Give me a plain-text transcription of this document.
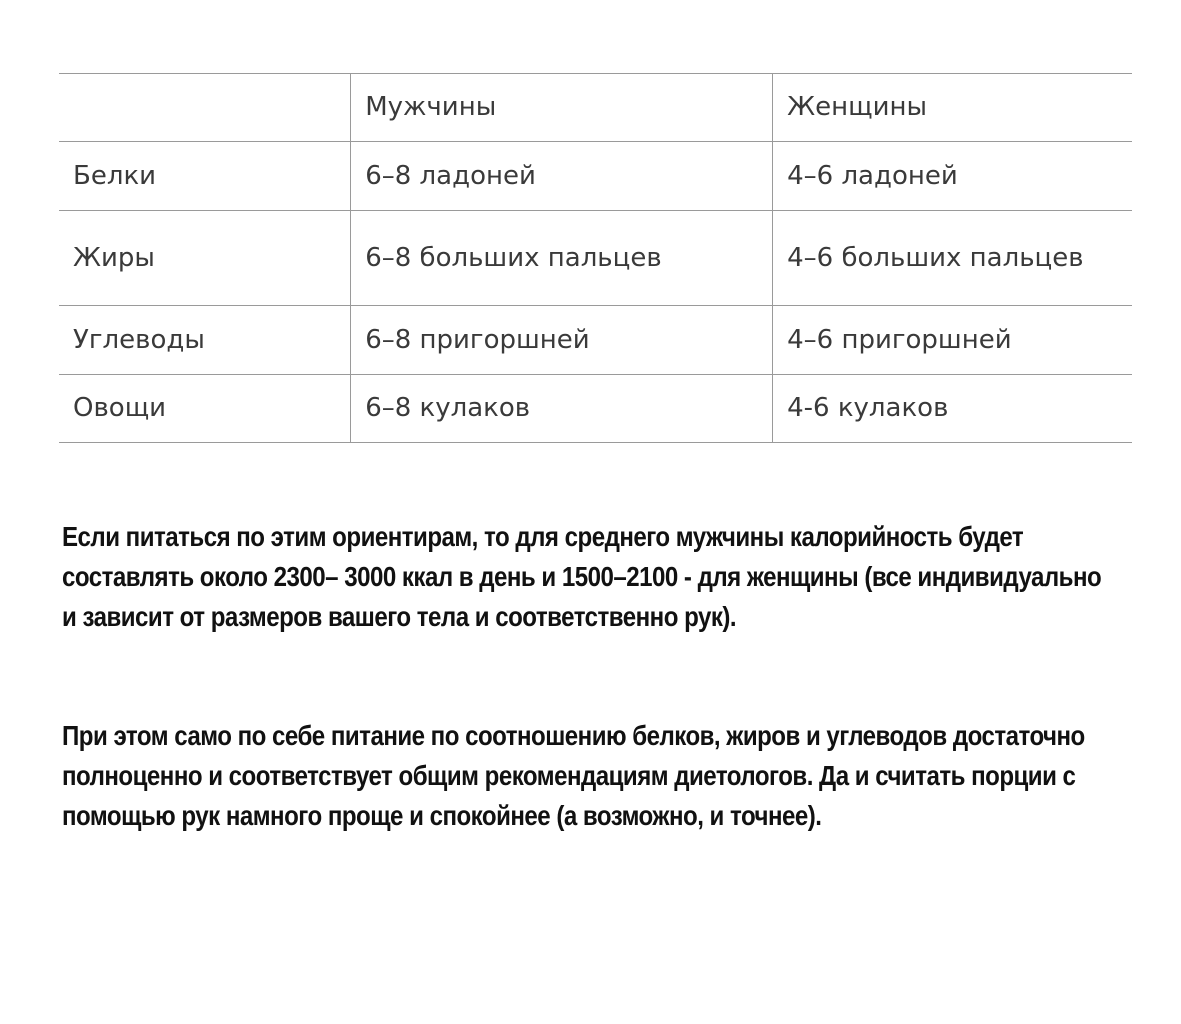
	Мужчины	Женщины
Белки	6–8 ладоней	4–6 ладоней
Жиры	6–8 больших пальцев	4–6 больших пальцев
Углеводы	6–8 пригоршней	4–6 пригоршней
Овощи	6–8 кулаков	4-6 кулаков

Если питаться по этим ориентирам, то для среднего мужчины калорийность будет составлять около 2300– 3000 ккал в день и 1500–2100 - для женщины (все индивидуально и зависит от размеров вашего тела и соответственно рук).

При этом само по себе питание по соотношению белков, жиров и углеводов достаточно полноценно и соответствует общим рекомендациям диетологов. Да и считать порции с помощью рук намного проще и спокойнее (а возможно, и точнее).
